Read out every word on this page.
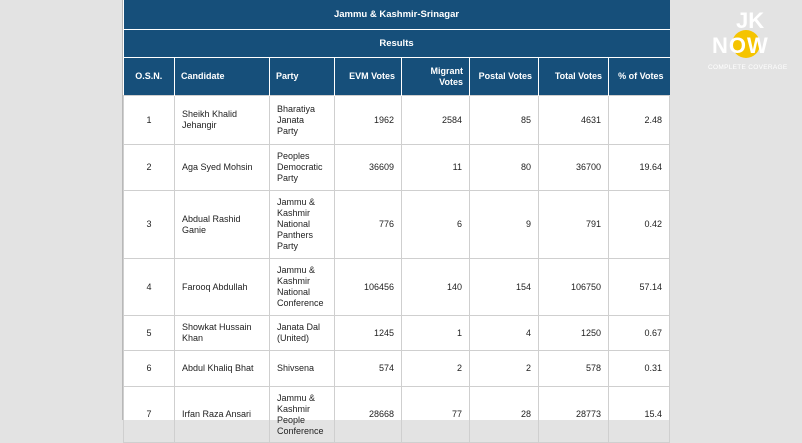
Jammu & Kashmir-Srinagar							
Results							
O.S.N.	Candidate	Party	EVM Votes	Migrant Votes	Postal Votes	Total Votes	% of Votes
1	Sheikh Khalid Jehangir	Bharatiya Janata Party	1962	2584	85	4631	2.48
2	Aga Syed Mohsin	Peoples Democratic Party	36609	11	80	36700	19.64
3	Abdual Rashid Ganie	Jammu & Kashmir National Panthers Party	776	6	9	791	0.42
4	Farooq Abdullah	Jammu & Kashmir National Conference	106456	140	154	106750	57.14
5	Showkat Hussain Khan	Janata Dal (United)	1245	1	4	1250	0.67
6	Abdul Khaliq Bhat	Shivsena	574	2	2	578	0.31
7	Irfan Raza Ansari	Jammu & Kashmir People Conference	28668	77	28	28773	15.4
JK
NOW
COMPLETE COVERAGE
